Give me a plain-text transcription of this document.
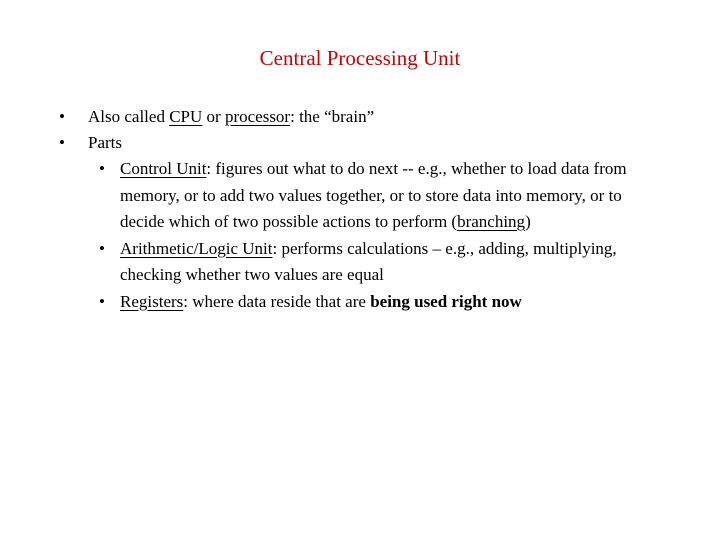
Central Processing Unit
• Also called CPU or processor: the “brain”
• Parts
• Control Unit: figures out what to do next -- e.g., whether to load data from memory, or to add two values together, or to store data into memory, or to decide which of two possible actions to perform (branching)
• Arithmetic/Logic Unit: performs calculations – e.g., adding, multiplying, checking whether two values are equal
• Registers: where data reside that are being used right now
